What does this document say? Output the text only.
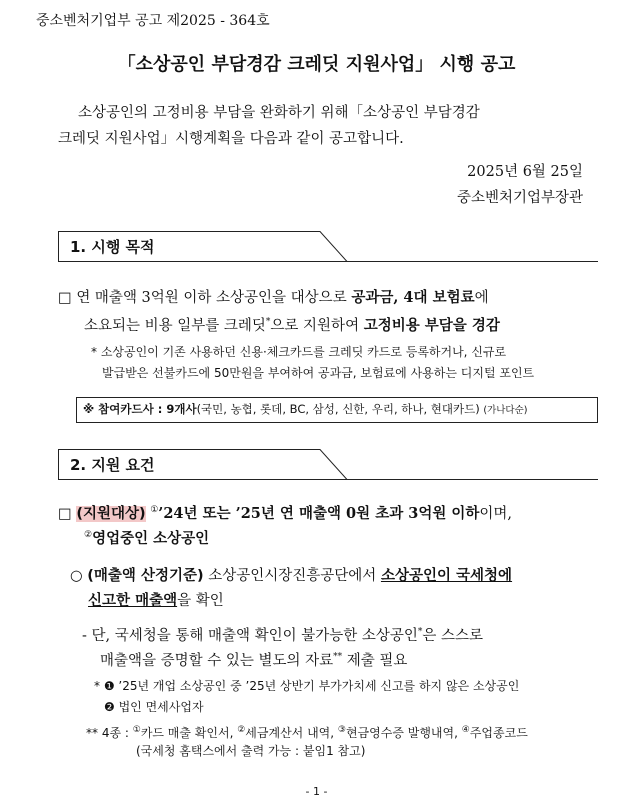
중소벤처기업부 공고 제2025 - 364호
「소상공인 부담경감 크레딧 지원사업」 시행 공고
소상공인의 고정비용 부담을 완화하기 위해「소상공인 부담경감
크레딧 지원사업」시행계획을 다음과 같이 공고합니다.
2025년 6월 25일
중소벤처기업부장관
1. 시행 목적
□ 연 매출액 3억원 이하 소상공인을 대상으로 공과금, 4대 보험료에
소요되는 비용 일부를 크레딧*으로 지원하여 고정비용 부담을 경감
* 소상공인이 기존 사용하던 신용·체크카드를 크레딧 카드로 등록하거나, 신규로
발급받은 선불카드에 50만원을 부여하여 공과금, 보험료에 사용하는 디지털 포인트
※ 참여카드사 : 9개사(국민, 농협, 롯데, BC, 삼성, 신한, 우리, 하나, 현대카드) (가나다순)
2. 지원 요건
□ (지원대상) ①’24년 또는 ’25년 연 매출액 0원 초과 3억원 이하이며,
②영업중인 소상공인
○ (매출액 산정기준) 소상공인시장진흥공단에서 소상공인이 국세청에
신고한 매출액을 확인
- 단, 국세청을 통해 매출액 확인이 불가능한 소상공인*은 스스로
매출액을 증명할 수 있는 별도의 자료** 제출 필요
* ❶ ’25년 개업 소상공인 중 ’25년 상반기 부가가치세 신고를 하지 않은 소상공인
❷ 법인 면세사업자
** 4종 : ①카드 매출 확인서, ②세금계산서 내역, ③현금영수증 발행내역, ④주업종코드
(국세청 홈택스에서 출력 가능 : 붙임1 참고)
- 1 -
